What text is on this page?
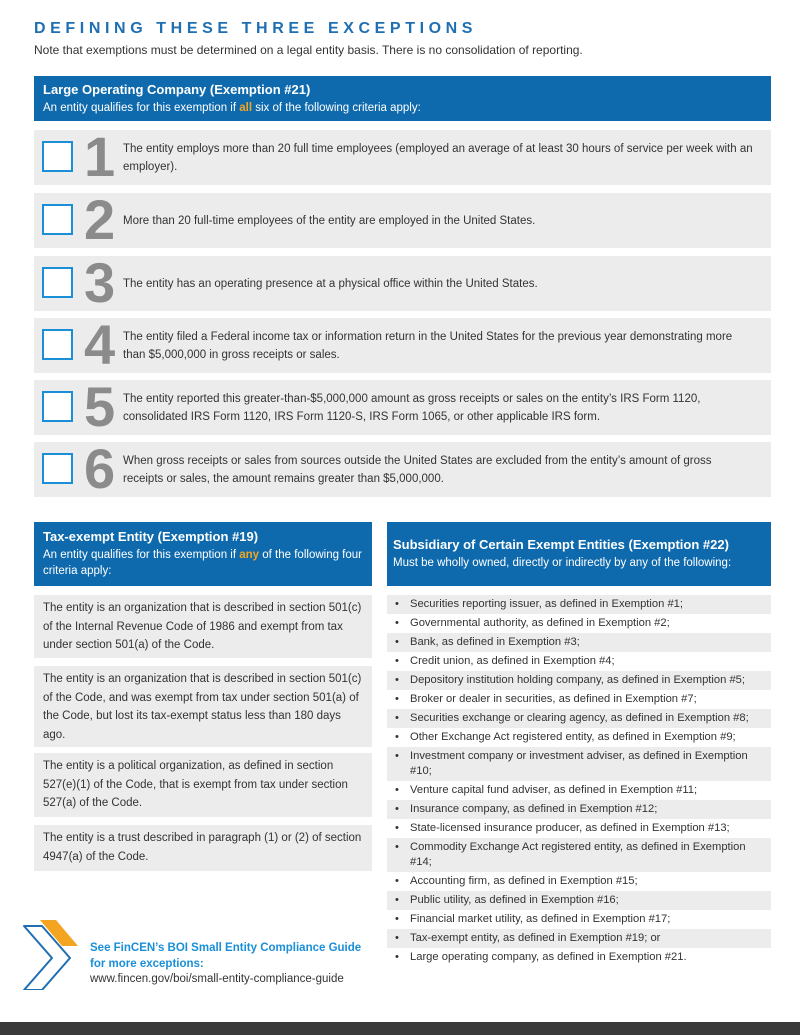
DEFINING THESE THREE EXCEPTIONS
Note that exemptions must be determined on a legal entity basis. There is no consolidation of reporting.
Large Operating Company (Exemption #21)
An entity qualifies for this exemption if all six of the following criteria apply:
1 The entity employs more than 20 full time employees (employed an average of at least 30 hours of service per week with an employer).
2 More than 20 full-time employees of the entity are employed in the United States.
3 The entity has an operating presence at a physical office within the United States.
4 The entity filed a Federal income tax or information return in the United States for the previous year demonstrating more than $5,000,000 in gross receipts or sales.
5 The entity reported this greater-than-$5,000,000 amount as gross receipts or sales on the entity’s IRS Form 1120, consolidated IRS Form 1120, IRS Form 1120-S, IRS Form 1065, or other applicable IRS form.
6 When gross receipts or sales from sources outside the United States are excluded from the entity’s amount of gross receipts or sales, the amount remains greater than $5,000,000.
Tax-exempt Entity (Exemption #19)
An entity qualifies for this exemption if any of the following four criteria apply:
The entity is an organization that is described in section 501(c) of the Internal Revenue Code of 1986 and exempt from tax under section 501(a) of the Code.
The entity is an organization that is described in section 501(c) of the Code, and was exempt from tax under section 501(a) of the Code, but lost its tax-exempt status less than 180 days ago.
The entity is a political organization, as defined in section 527(e)(1) of the Code, that is exempt from tax under section 527(a) of the Code.
The entity is a trust described in paragraph (1) or (2) of section 4947(a) of the Code.
Subsidiary of Certain Exempt Entities (Exemption #22)
Must be wholly owned, directly or indirectly by any of the following:
• Securities reporting issuer, as defined in Exemption #1;
• Governmental authority, as defined in Exemption #2;
• Bank, as defined in Exemption #3;
• Credit union, as defined in Exemption #4;
• Depository institution holding company, as defined in Exemption #5;
• Broker or dealer in securities, as defined in Exemption #7;
• Securities exchange or clearing agency, as defined in Exemption #8;
• Other Exchange Act registered entity, as defined in Exemption #9;
• Investment company or investment adviser, as defined in Exemption #10;
• Venture capital fund adviser, as defined in Exemption #11;
• Insurance company, as defined in Exemption #12;
• State-licensed insurance producer, as defined in Exemption #13;
• Commodity Exchange Act registered entity, as defined in Exemption #14;
• Accounting firm, as defined in Exemption #15;
• Public utility, as defined in Exemption #16;
• Financial market utility, as defined in Exemption #17;
• Tax-exempt entity, as defined in Exemption #19; or
• Large operating company, as defined in Exemption #21.
See FinCEN’s BOI Small Entity Compliance Guide
for more exceptions:
www.fincen.gov/boi/small-entity-compliance-guide
